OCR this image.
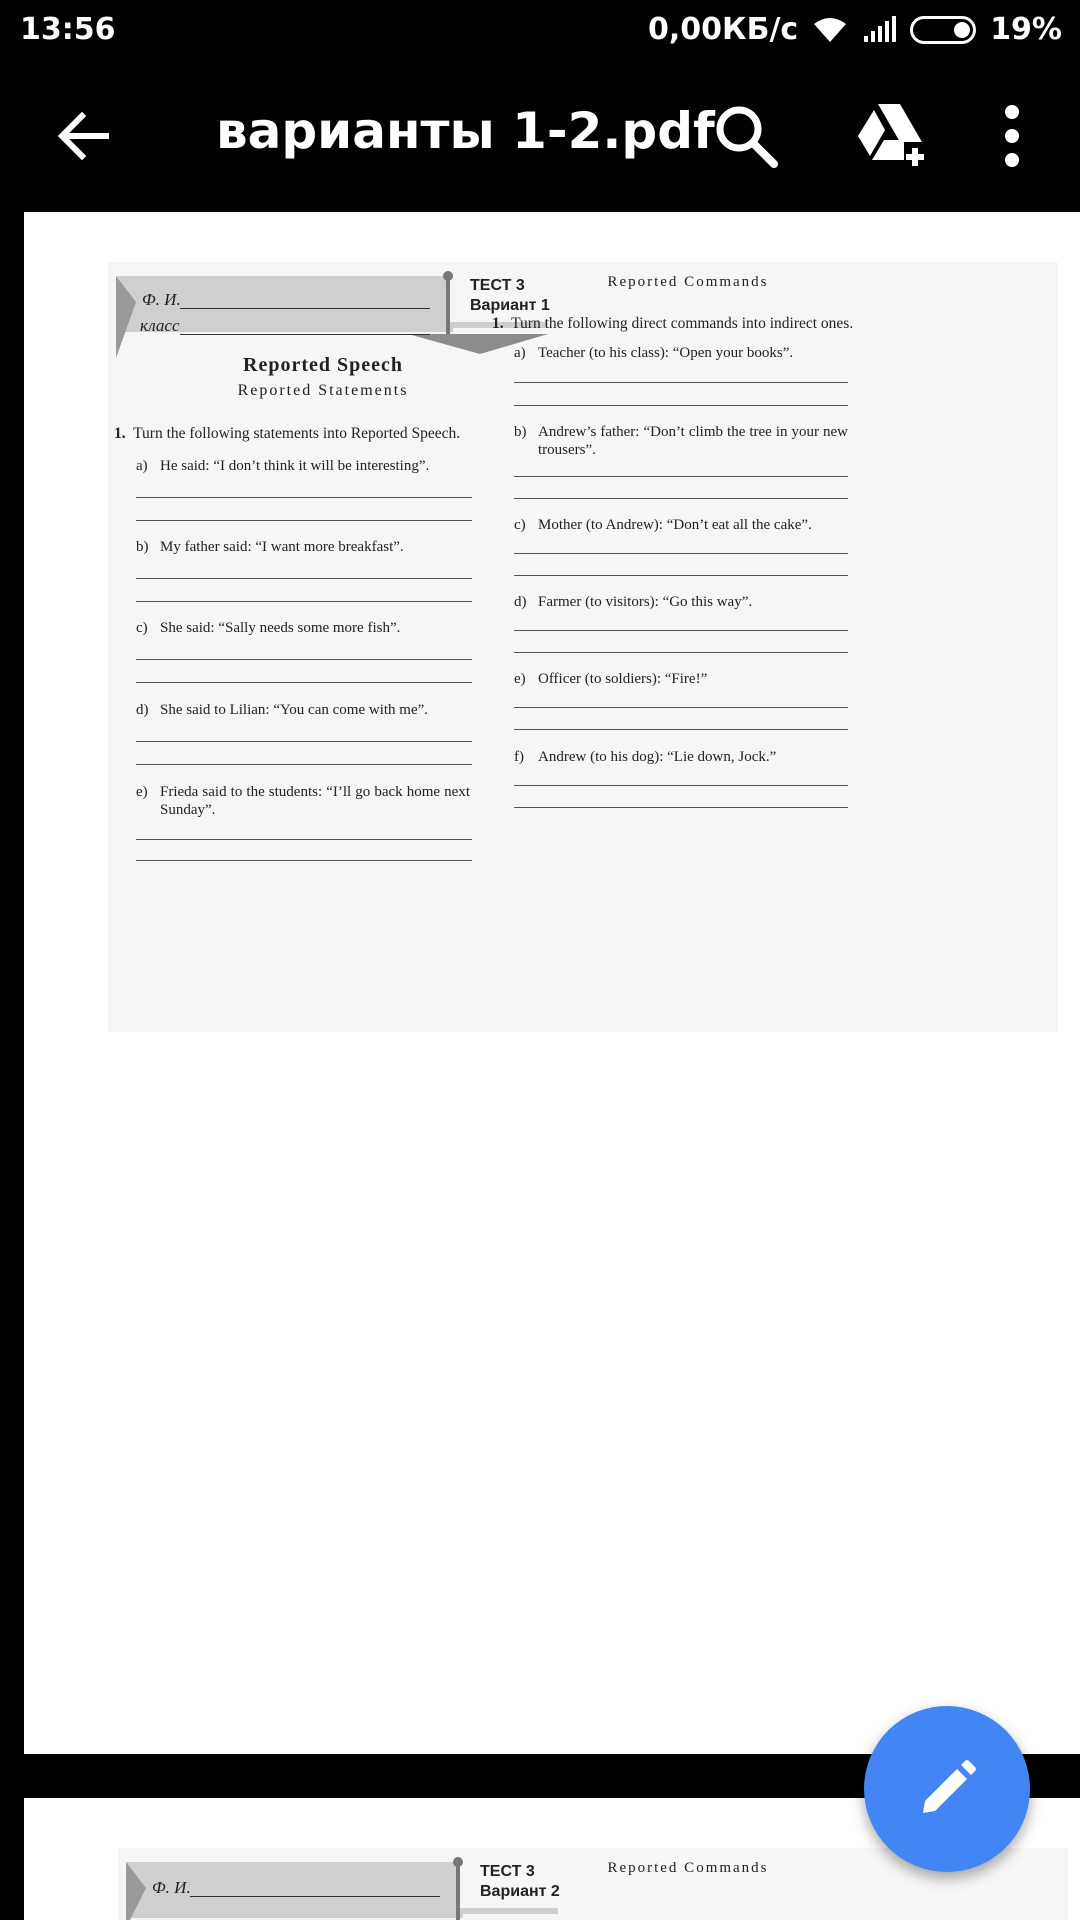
13:56	0,00КБ/с	19%
варианты 1-2.pdf
Ф. И.
класс
ТЕСТ 3
Вариант 1
Reported Speech
Reported Statements
1. Turn the following statements into Reported Speech.
a) He said: “I don’t think it will be interesting”.
b) My father said: “I want more breakfast”.
c) She said: “Sally needs some more fish”.
d) She said to Lilian: “You can come with me”.
e) Frieda said to the students: “I’ll go back home next Sunday”.
Reported Commands
1. Turn the following direct commands into indirect ones.
a) Teacher (to his class): “Open your books”.
b) Andrew’s father: “Don’t climb the tree in your new trousers”.
c) Mother (to Andrew): “Don’t eat all the cake”.
d) Farmer (to visitors): “Go this way”.
e) Officer (to soldiers): “Fire!”
f) Andrew (to his dog): “Lie down, Jock.”
Ф. И.
ТЕСТ 3
Вариант 2
Reported Commands
